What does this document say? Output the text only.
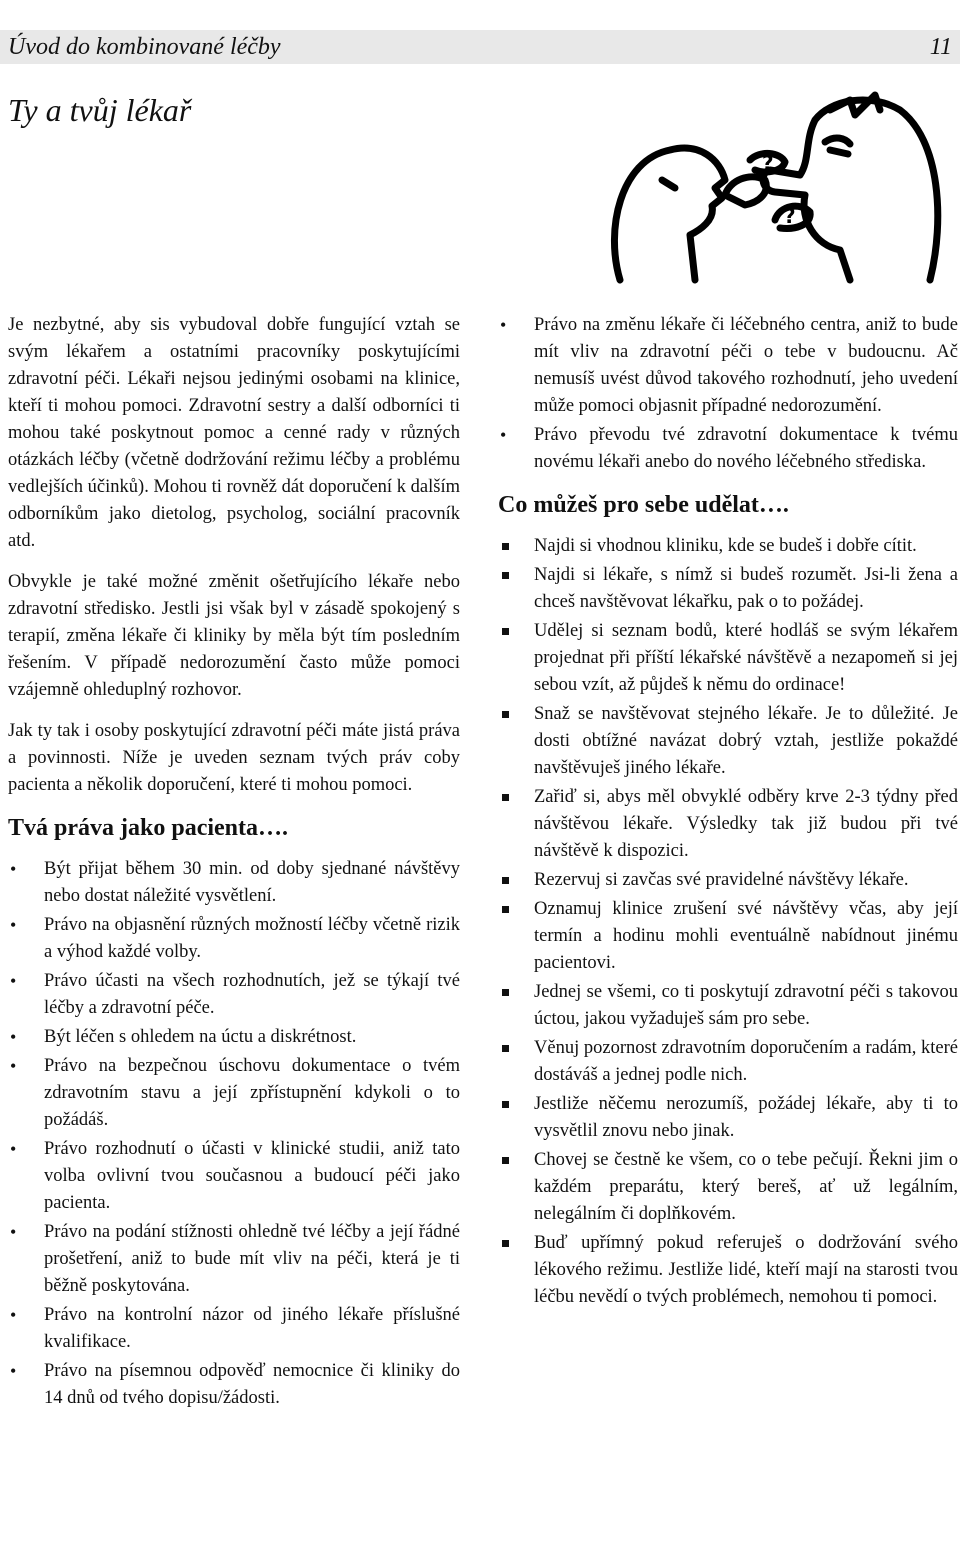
Úvod do kombinované léčby	11
Ty a tvůj lékař
?
?

Je nezbytné, aby sis vybudoval dobře fungující vztah se svým lékařem a ostatními pracovníky poskytujícími zdravotní péči. Lékaři nejsou jedinými osobami na klinice, kteří ti mohou pomoci. Zdravotní sestry a další odborníci ti mohou také poskytnout pomoc a cenné rady v různých otázkách léčby (včetně dodržování režimu léčby a problému vedlejších účinků). Mohou ti rovněž dát doporučení k dalším odborníkům jako dietolog, psycholog, sociální pracovník atd.

Obvykle je také možné změnit ošetřujícího lékaře nebo zdravotní středisko. Jestli jsi však byl v zásadě spokojený s terapií, změna lékaře či kliniky by měla být tím posledním řešením. V případě nedorozumění často může pomoci vzájemně ohleduplný rozhovor.

Jak ty tak i osoby poskytující zdravotní péči máte jistá práva a povinnosti. Níže je uveden seznam tvých práv coby pacienta a několik doporučení, které ti mohou pomoci.

Tvá práva jako pacienta….
• Být přijat během 30 min. od doby sjednané návštěvy nebo dostat náležité vysvětlení.
• Právo na objasnění různých možností léčby včetně rizik a výhod každé volby.
• Právo účasti na všech rozhodnutích, jež se týkají tvé léčby a zdravotní péče.
• Být léčen s ohledem na úctu a diskrétnost.
• Právo na bezpečnou úschovu dokumentace o tvém zdravotním stavu a její zpřístupnění kdykoli o to požádáš.
• Právo rozhodnutí o účasti v klinické studii, aniž tato volba ovlivní tvou současnou a budoucí péči jako pacienta.
• Právo na podání stížnosti ohledně tvé léčby a její řádné prošetření, aniž to bude mít vliv na péči, která je ti běžně poskytována.
• Právo na kontrolní názor od jiného lékaře příslušné kvalifikace.
• Právo na písemnou odpověď nemocnice či kliniky do 14 dnů od tvého dopisu/žádosti.
• Právo na změnu lékaře či léčebného centra, aniž to bude mít vliv na zdravotní péči o tebe v budoucnu. Ač nemusíš uvést důvod takového rozhodnutí, jeho uvedení může pomoci objasnit případné nedorozumění.
• Právo převodu tvé zdravotní dokumentace k tvému novému lékaři anebo do nového léčebného střediska.
Co můžeš pro sebe udělat….
Najdi si vhodnou kliniku, kde se budeš i dobře cítit.
Najdi si lékaře, s nímž si budeš rozumět. Jsi-li žena a chceš navštěvovat lékařku, pak o to požádej.
Udělej si seznam bodů, které hodláš se svým lékařem projednat při příští lékařské návštěvě a nezapomeň si jej sebou vzít, až půjdeš k němu do ordinace!
Snaž se navštěvovat stejného lékaře. Je to důležité. Je dosti obtížné navázat dobrý vztah, jestliže pokaždé navštěvuješ jiného lékaře.
Zařiď si, abys měl obvyklé odběry krve 2-3 týdny před návštěvou lékaře. Výsledky tak již budou při tvé návštěvě k dispozici.
Rezervuj si zavčas své pravidelné návštěvy lékaře.
Oznamuj klinice zrušení své návštěvy včas, aby její termín a hodinu mohli eventuálně nabídnout jinému pacientovi.
Jednej se všemi, co ti poskytují zdravotní péči s takovou úctou, jakou vyžaduješ sám pro sebe.
Věnuj pozornost zdravotním doporučením a radám, které dostáváš a jednej podle nich.
Jestliže něčemu nerozumíš, požádej lékaře, aby ti to vysvětlil znovu nebo jinak.
Chovej se čestně ke všem, co o tebe pečují. Řekni jim o každém preparátu, který bereš, ať už legálním, nelegálním či doplňkovém.
Buď upřímný pokud referuješ o dodržování svého lékového režimu. Jestliže lidé, kteří mají na starosti tvou léčbu nevědí o tvých problémech, nemohou ti pomoci.
